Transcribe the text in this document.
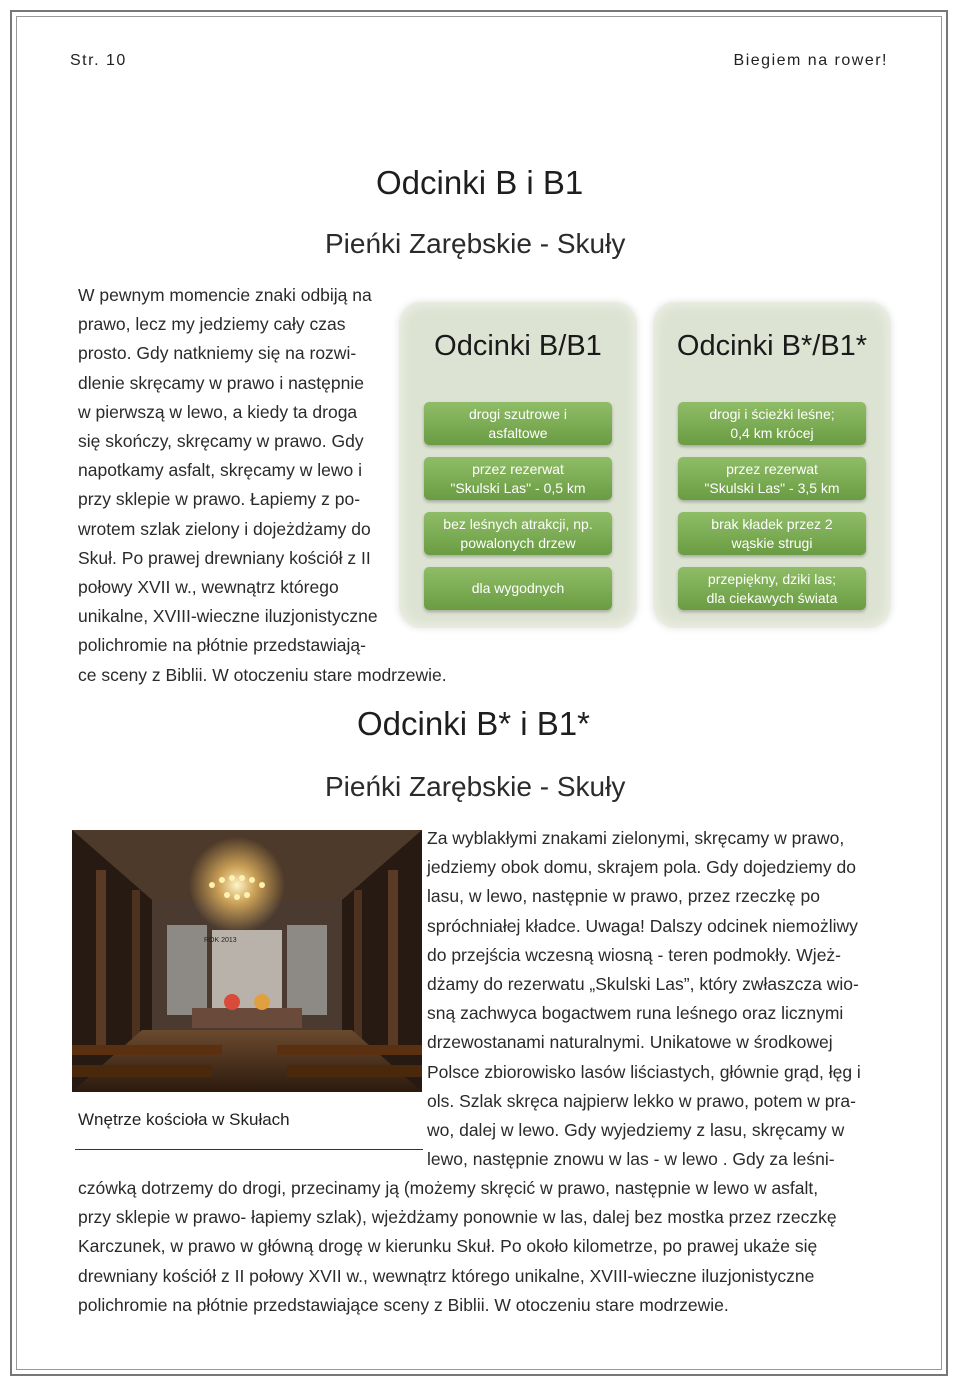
Str. 10	Biegiem na rower!
Odcinki B i B1
Pieńki Zarębskie - Skuły
W pewnym momencie znaki odbiją na
prawo, lecz my jedziemy cały czas
prosto. Gdy natkniemy się na rozwi-
dlenie skręcamy w prawo i następnie
w pierwszą w lewo, a kiedy ta droga
się skończy, skręcamy w prawo. Gdy
napotkamy asfalt, skręcamy w lewo i
przy sklepie w prawo. Łapiemy z po-
wrotem szlak zielony i dojeżdżamy do
Skuł. Po prawej drewniany kościół z II
połowy XVII w., wewnątrz którego
unikalne, XVIII-wieczne iluzjonistyczne
polichromie na płótnie przedstawiają-
ce sceny z Biblii. W otoczeniu stare modrzewie.
Odcinki B/B1
drogi szutrowe i
asfaltowe
przez rezerwat
"Skulski Las" - 0,5 km
bez leśnych atrakcji, np.
powalonych drzew
dla wygodnych
Odcinki B*/B1*
drogi i ścieżki leśne;
0,4 km krócej
przez rezerwat
"Skulski Las" - 3,5 km
brak kładek przez 2
wąskie strugi
przepiękny, dziki las;
dla ciekawych świata
Odcinki B* i B1*
Pieńki Zarębskie - Skuły
ROK 2013
Wnętrze kościoła w Skułach
Za wyblakłymi znakami zielonymi, skręcamy w prawo,
jedziemy obok domu, skrajem pola. Gdy dojedziemy do
lasu, w lewo, następnie w prawo, przez rzeczkę po
spróchniałej kładce. Uwaga! Dalszy odcinek niemożliwy
do przejścia wczesną wiosną - teren podmokły. Wjeż-
dżamy do rezerwatu „Skulski Las”, który zwłaszcza wio-
sną zachwyca bogactwem runa leśnego oraz licznymi
drzewostanami naturalnymi. Unikatowe w środkowej
Polsce zbiorowisko lasów liściastych, głównie grąd, łęg i
ols. Szlak skręca najpierw lekko w prawo, potem w pra-
wo, dalej w lewo. Gdy wyjedziemy z lasu, skręcamy w
lewo, następnie znowu w las - w lewo . Gdy za leśni-
czówką dotrzemy do drogi, przecinamy ją (możemy skręcić w prawo, następnie w lewo w asfalt,
przy sklepie w prawo- łapiemy szlak), wjeżdżamy ponownie w las, dalej bez mostka przez rzeczkę
Karczunek, w prawo w główną drogę w kierunku Skuł. Po około kilometrze, po prawej ukaże się
drewniany kościół z II połowy XVII w., wewnątrz którego unikalne, XVIII-wieczne iluzjonistyczne
polichromie na płótnie przedstawiające sceny z Biblii. W otoczeniu stare modrzewie.
